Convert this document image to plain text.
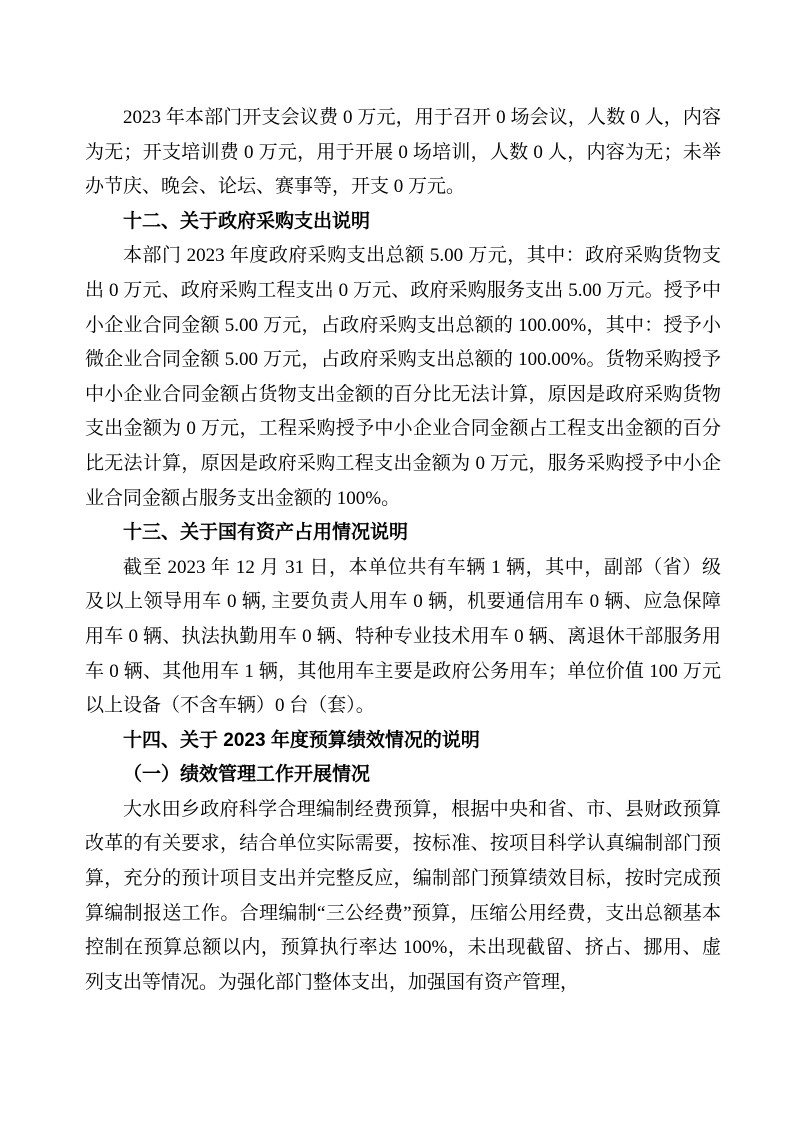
2023 年本部门开支会议费 0 万元，用于召开 0 场会议，人数 0 人，内容为无；开支培训费 0 万元，用于开展 0 场培训，人数 0 人，内容为无；未举办节庆、晚会、论坛、赛事等，开支 0 万元。

十二、关于政府采购支出说明

本部门 2023 年度政府采购支出总额 5.00 万元，其中：政府采购货物支出 0 万元、政府采购工程支出 0 万元、政府采购服务支出 5.00 万元。授予中小企业合同金额 5.00 万元，占政府采购支出总额的 100.00%，其中：授予小微企业合同金额 5.00 万元，占政府采购支出总额的 100.00%。货物采购授予中小企业合同金额占货物支出金额的百分比无法计算，原因是政府采购货物支出金额为 0 万元，工程采购授予中小企业合同金额占工程支出金额的百分比无法计算，原因是政府采购工程支出金额为 0 万元，服务采购授予中小企业合同金额占服务支出金额的 100%。

十三、关于国有资产占用情况说明

截至 2023 年 12 月 31 日，本单位共有车辆 1 辆，其中，副部（省）级及以上领导用车 0 辆, 主要负责人用车 0 辆，机要通信用车 0 辆、应急保障用车 0 辆、执法执勤用车 0 辆、特种专业技术用车 0 辆、离退休干部服务用车 0 辆、其他用车 1 辆，其他用车主要是政府公务用车；单位价值 100 万元以上设备（不含车辆）0 台（套）。

十四、关于 2023 年度预算绩效情况的说明

（一）绩效管理工作开展情况

大水田乡政府科学合理编制经费预算，根据中央和省、市、县财政预算改革的有关要求，结合单位实际需要，按标准、按项目科学认真编制部门预算，充分的预计项目支出并完整反应，编制部门预算绩效目标，按时完成预算编制报送工作。合理编制“三公经费”预算，压缩公用经费，支出总额基本控制在预算总额以内，预算执行率达 100%，未出现截留、挤占、挪用、虚列支出等情况。为强化部门整体支出，加强国有资产管理，
